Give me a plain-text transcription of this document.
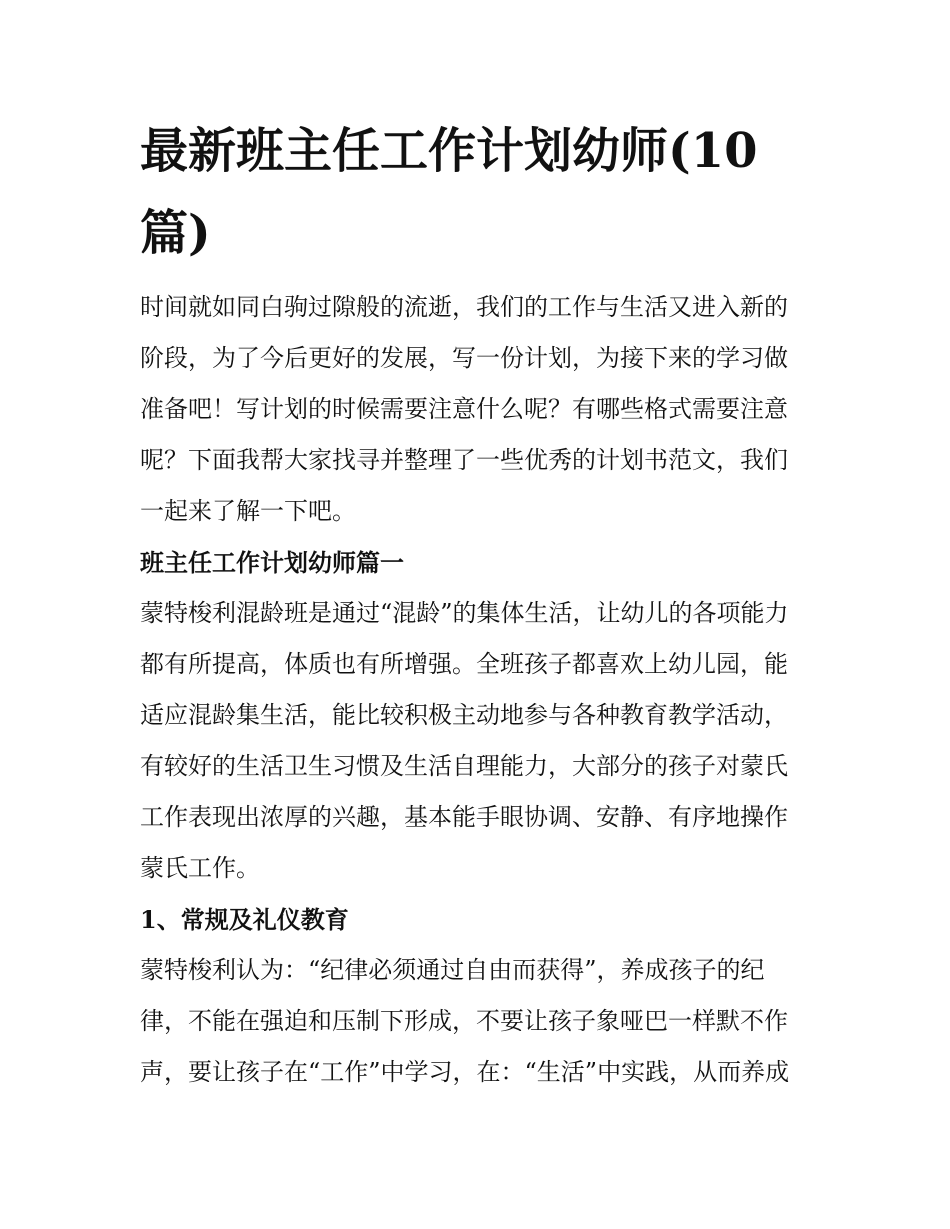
最新班主任工作计划幼师(10
篇)

时间就如同白驹过隙般的流逝，我们的工作与生活又进入新的
阶段，为了今后更好的发展，写一份计划，为接下来的学习做
准备吧！写计划的时候需要注意什么呢？有哪些格式需要注意
呢？下面我帮大家找寻并整理了一些优秀的计划书范文，我们
一起来了解一下吧。

班主任工作计划幼师篇一

蒙特梭利混龄班是通过“混龄”的集体生活，让幼儿的各项能力
都有所提高，体质也有所增强。全班孩子都喜欢上幼儿园，能
适应混龄集生活，能比较积极主动地参与各种教育教学活动，
有较好的生活卫生习惯及生活自理能力，大部分的孩子对蒙氏
工作表现出浓厚的兴趣，基本能手眼协调、安静、有序地操作
蒙氏工作。

1、常规及礼仪教育

蒙特梭利认为：“纪律必须通过自由而获得”，养成孩子的纪
律，不能在强迫和压制下形成，不要让孩子象哑巴一样默不作
声，要让孩子在“工作”中学习，在：“生活”中实践，从而养成
